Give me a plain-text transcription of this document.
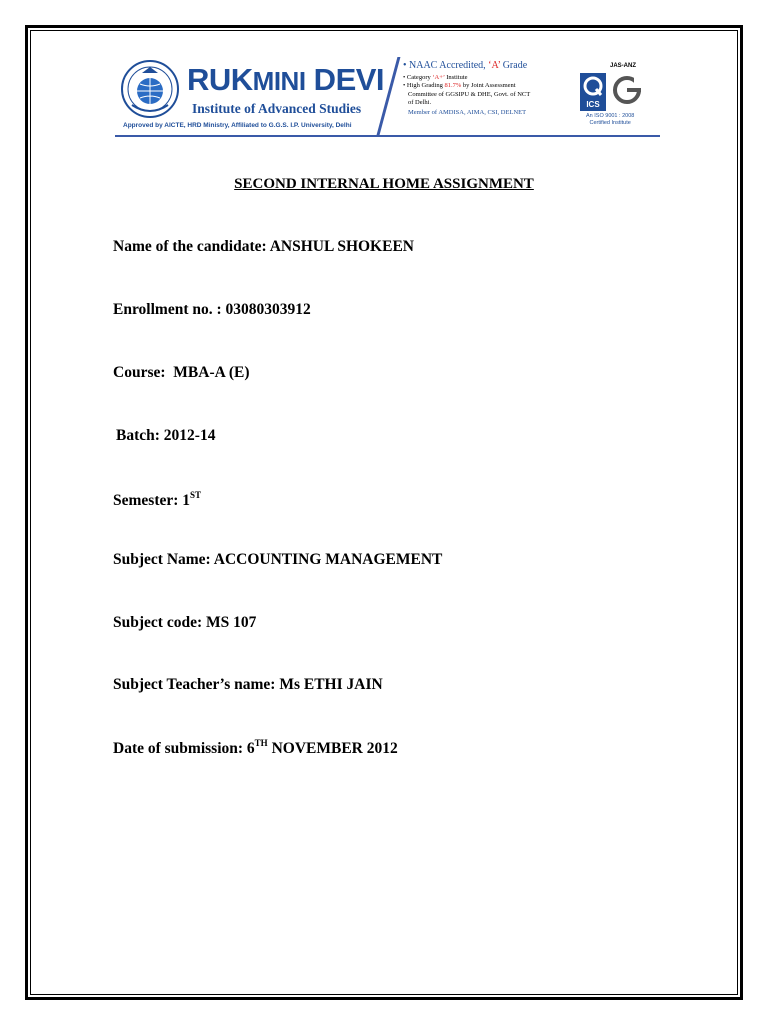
RUKMINI DEVI
Institute of Advanced Studies
Approved by AICTE, HRD Ministry, Affiliated to G.G.S. I.P. University, Delhi
• NAAC Accredited, ‘A’ Grade
• Category ‘A+’ Institute
• High Grading 81.7% by Joint Assessment
Committee of GGSIPU & DHE, Govt. of NCT
of Delhi.
Member of AMDISA, AIMA, CSI, DELNET
JAS-ANZ
ICS
An ISO 9001 : 2008
Certified Institute
SECOND INTERNAL HOME ASSIGNMENT
Name of the candidate: ANSHUL SHOKEEN
Enrollment no. : 03080303912
Course:  MBA-A (E)
Batch: 2012-14
Semester: 1ST
Subject Name: ACCOUNTING MANAGEMENT
Subject code: MS 107
Subject Teacher’s name: Ms ETHI JAIN
Date of submission: 6TH NOVEMBER 2012
